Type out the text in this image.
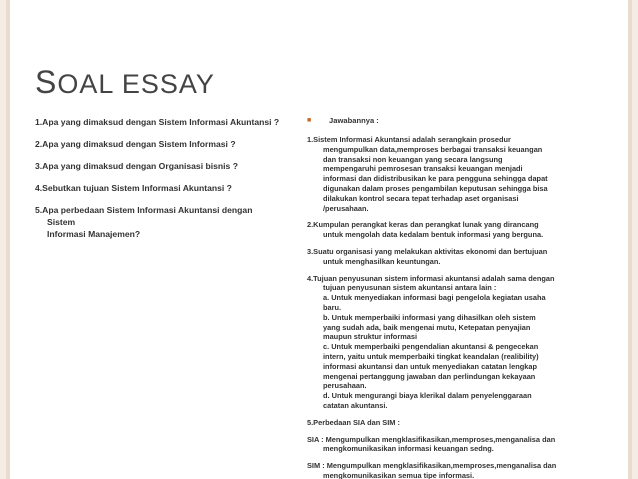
SOAL ESSAY
1.Apa yang dimaksud dengan Sistem Informasi Akuntansi ?
2.Apa yang dimaksud dengan Sistem Informasi ?
3.Apa yang dimaksud dengan Organisasi bisnis ?
4.Sebutkan tujuan Sistem Informasi Akuntansi ?
5.Apa perbedaan Sistem Informasi Akuntansi dengan Sistem
Informasi Manajemen?
■	Jawabannya :
1.Sistem Informasi Akuntansi adalah serangkain prosedur
mengumpulkan data,memproses berbagai transaksi keuangan
dan transaksi non keuangan yang secara langsung
mempengaruhi pemrosesan transaksi keuangan menjadi
informasi dan didistribusikan ke para pengguna sehingga dapat
digunakan dalam proses pengambilan keputusan sehingga bisa
dilakukan kontrol secara tepat terhadap aset organisasi
/perusahaan.
2.Kumpulan perangkat keras dan perangkat lunak yang dirancang
untuk mengolah data kedalam bentuk informasi yang berguna.
3.Suatu organisasi yang melakukan aktivitas ekonomi dan bertujuan
untuk menghasilkan keuntungan.
4.Tujuan penyusunan sistem informasi akuntansi adalah sama dengan
tujuan penyusunan sistem akuntansi antara lain :
a. Untuk menyediakan informasi bagi pengelola kegiatan usaha
baru.
b. Untuk memperbaiki informasi yang dihasilkan oleh sistem
yang sudah ada, baik mengenai mutu, Ketepatan penyajian
maupun struktur informasi
c. Untuk memperbaiki pengendalian akuntansi & pengecekan
intern, yaitu untuk memperbaiki tingkat keandalan (realibility)
informasi akuntansi dan untuk menyediakan catatan lengkap
mengenai pertanggung jawaban dan perlindungan kekayaan
perusahaan.
d. Untuk mengurangi biaya klerikal dalam penyelenggaraan
catatan akuntansi.
5.Perbedaan SIA dan SIM :
SIA : Mengumpulkan mengklasifikasikan,memproses,menganalisa dan
mengkomunikasikan informasi keuangan sedng.
SIM : Mengumpulkan mengklasifikasikan,memproses,menganalisa dan
mengkomunikasikan semua tipe informasi.
